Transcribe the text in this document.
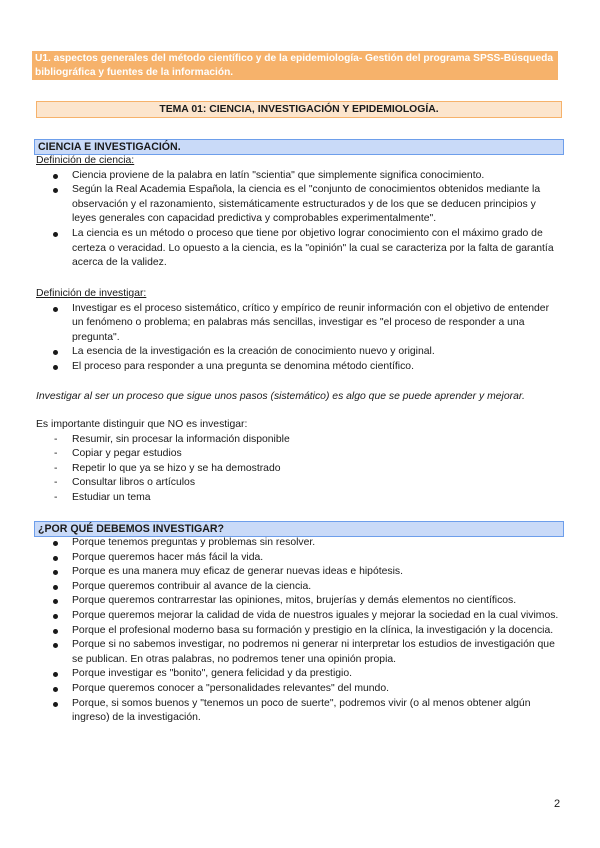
U1. aspectos generales del método científico y de la epidemiología- Gestión del programa SPSS-Búsqueda bibliográfica y fuentes de la información.
TEMA 01: CIENCIA, INVESTIGACIÓN Y EPIDEMIOLOGÍA.
CIENCIA E INVESTIGACIÓN.
Definición de ciencia:
Ciencia proviene de la palabra en latín "scientia" que simplemente significa conocimiento.
Según la Real Academia Española, la ciencia es el "conjunto de conocimientos obtenidos mediante la observación y el razonamiento, sistemáticamente estructurados y de los que se deducen principios y leyes generales con capacidad predictiva y comprobables experimentalmente".
La ciencia es un método o proceso que tiene por objetivo lograr conocimiento con el máximo grado de certeza o veracidad. Lo opuesto a la ciencia, es la "opinión" la cual se caracteriza por la falta de garantía acerca de la validez.
Definición de investigar:
Investigar es el proceso sistemático, crítico y empírico de reunir información con el objetivo de entender un fenómeno o problema; en palabras más sencillas, investigar es "el proceso de responder a una pregunta".
La esencia de la investigación es la creación de conocimiento nuevo y original.
El proceso para responder a una pregunta se denomina método científico.
Investigar al ser un proceso que sigue unos pasos (sistemático) es algo que se puede aprender y mejorar.
Es importante distinguir que NO es investigar:
- Resumir, sin procesar la información disponible
- Copiar y pegar estudios
- Repetir lo que ya se hizo y se ha demostrado
- Consultar libros o artículos
- Estudiar un tema
¿POR QUÉ DEBEMOS INVESTIGAR?
Porque tenemos preguntas y problemas sin resolver.
Porque queremos hacer más fácil la vida.
Porque es una manera muy eficaz de generar nuevas ideas e hipótesis.
Porque queremos contribuir al avance de la ciencia.
Porque queremos contrarrestar las opiniones, mitos, brujerías y demás elementos no científicos.
Porque queremos mejorar la calidad de vida de nuestros iguales y mejorar la sociedad en la cual vivimos.
Porque el profesional moderno basa su formación y prestigio en la clínica, la investigación y la docencia.
Porque si no sabemos investigar, no podremos ni generar ni interpretar los estudios de investigación que se publican. En otras palabras, no podremos tener una opinión propia.
Porque investigar es "bonito", genera felicidad y da prestigio.
Porque queremos conocer a "personalidades relevantes" del mundo.
Porque, si somos buenos y "tenemos un poco de suerte", podremos vivir (o al menos obtener algún ingreso) de la investigación.
2
